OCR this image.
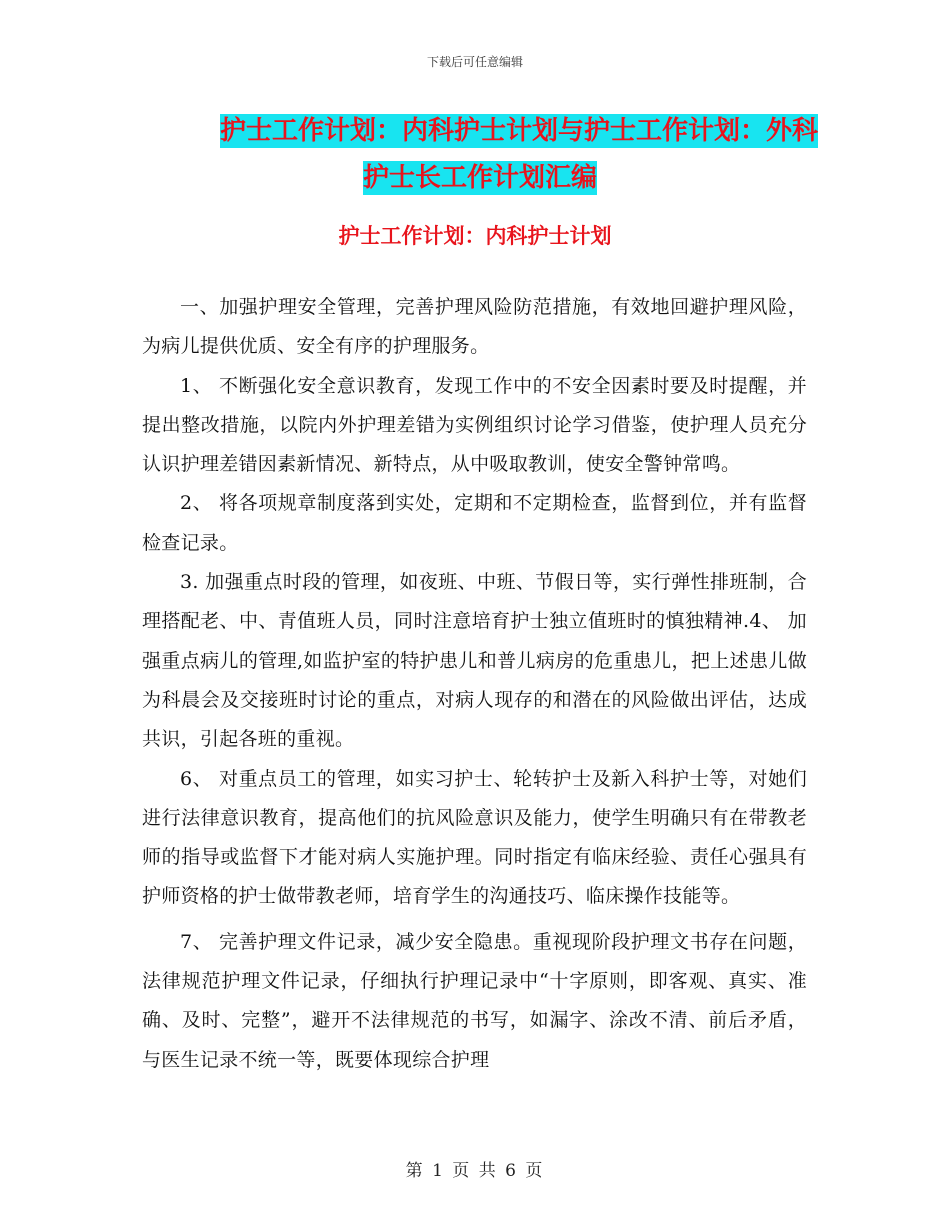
下载后可任意编辑
护士工作计划：内科护士计划与护士工作计划：外科
护士长工作计划汇编
护士工作计划：内科护士计划

一、加强护理安全管理，完善护理风险防范措施，有效地回避护理风险，为病儿提供优质、安全有序的护理服务。

1、 不断强化安全意识教育，发现工作中的不安全因素时要及时提醒，并提出整改措施，以院内外护理差错为实例组织讨论学习借鉴，使护理人员充分认识护理差错因素新情况、新特点，从中吸取教训，使安全警钟常鸣。

2、 将各项规章制度落到实处，定期和不定期检查，监督到位，并有监督检查记录。

3. 加强重点时段的管理，如夜班、中班、节假日等，实行弹性排班制，合理搭配老、中、青值班人员，同时注意培育护士独立值班时的慎独精神.4、 加强重点病儿的管理,如监护室的特护患儿和普儿病房的危重患儿，把上述患儿做为科晨会及交接班时讨论的重点，对病人现存的和潜在的风险做出评估，达成共识，引起各班的重视。

6、 对重点员工的管理，如实习护士、轮转护士及新入科护士等，对她们进行法律意识教育，提高他们的抗风险意识及能力，使学生明确只有在带教老师的指导或监督下才能对病人实施护理。同时指定有临床经验、责任心强具有护师资格的护士做带教老师，培育学生的沟通技巧、临床操作技能等。

7、 完善护理文件记录，减少安全隐患。重视现阶段护理文书存在问题，法律规范护理文件记录，仔细执行护理记录中“十字原则，即客观、真实、准确、及时、完整”，避开不法律规范的书写，如漏字、涂改不清、前后矛盾，与医生记录不统一等，既要体现综合护理

第 1 页 共 6 页
